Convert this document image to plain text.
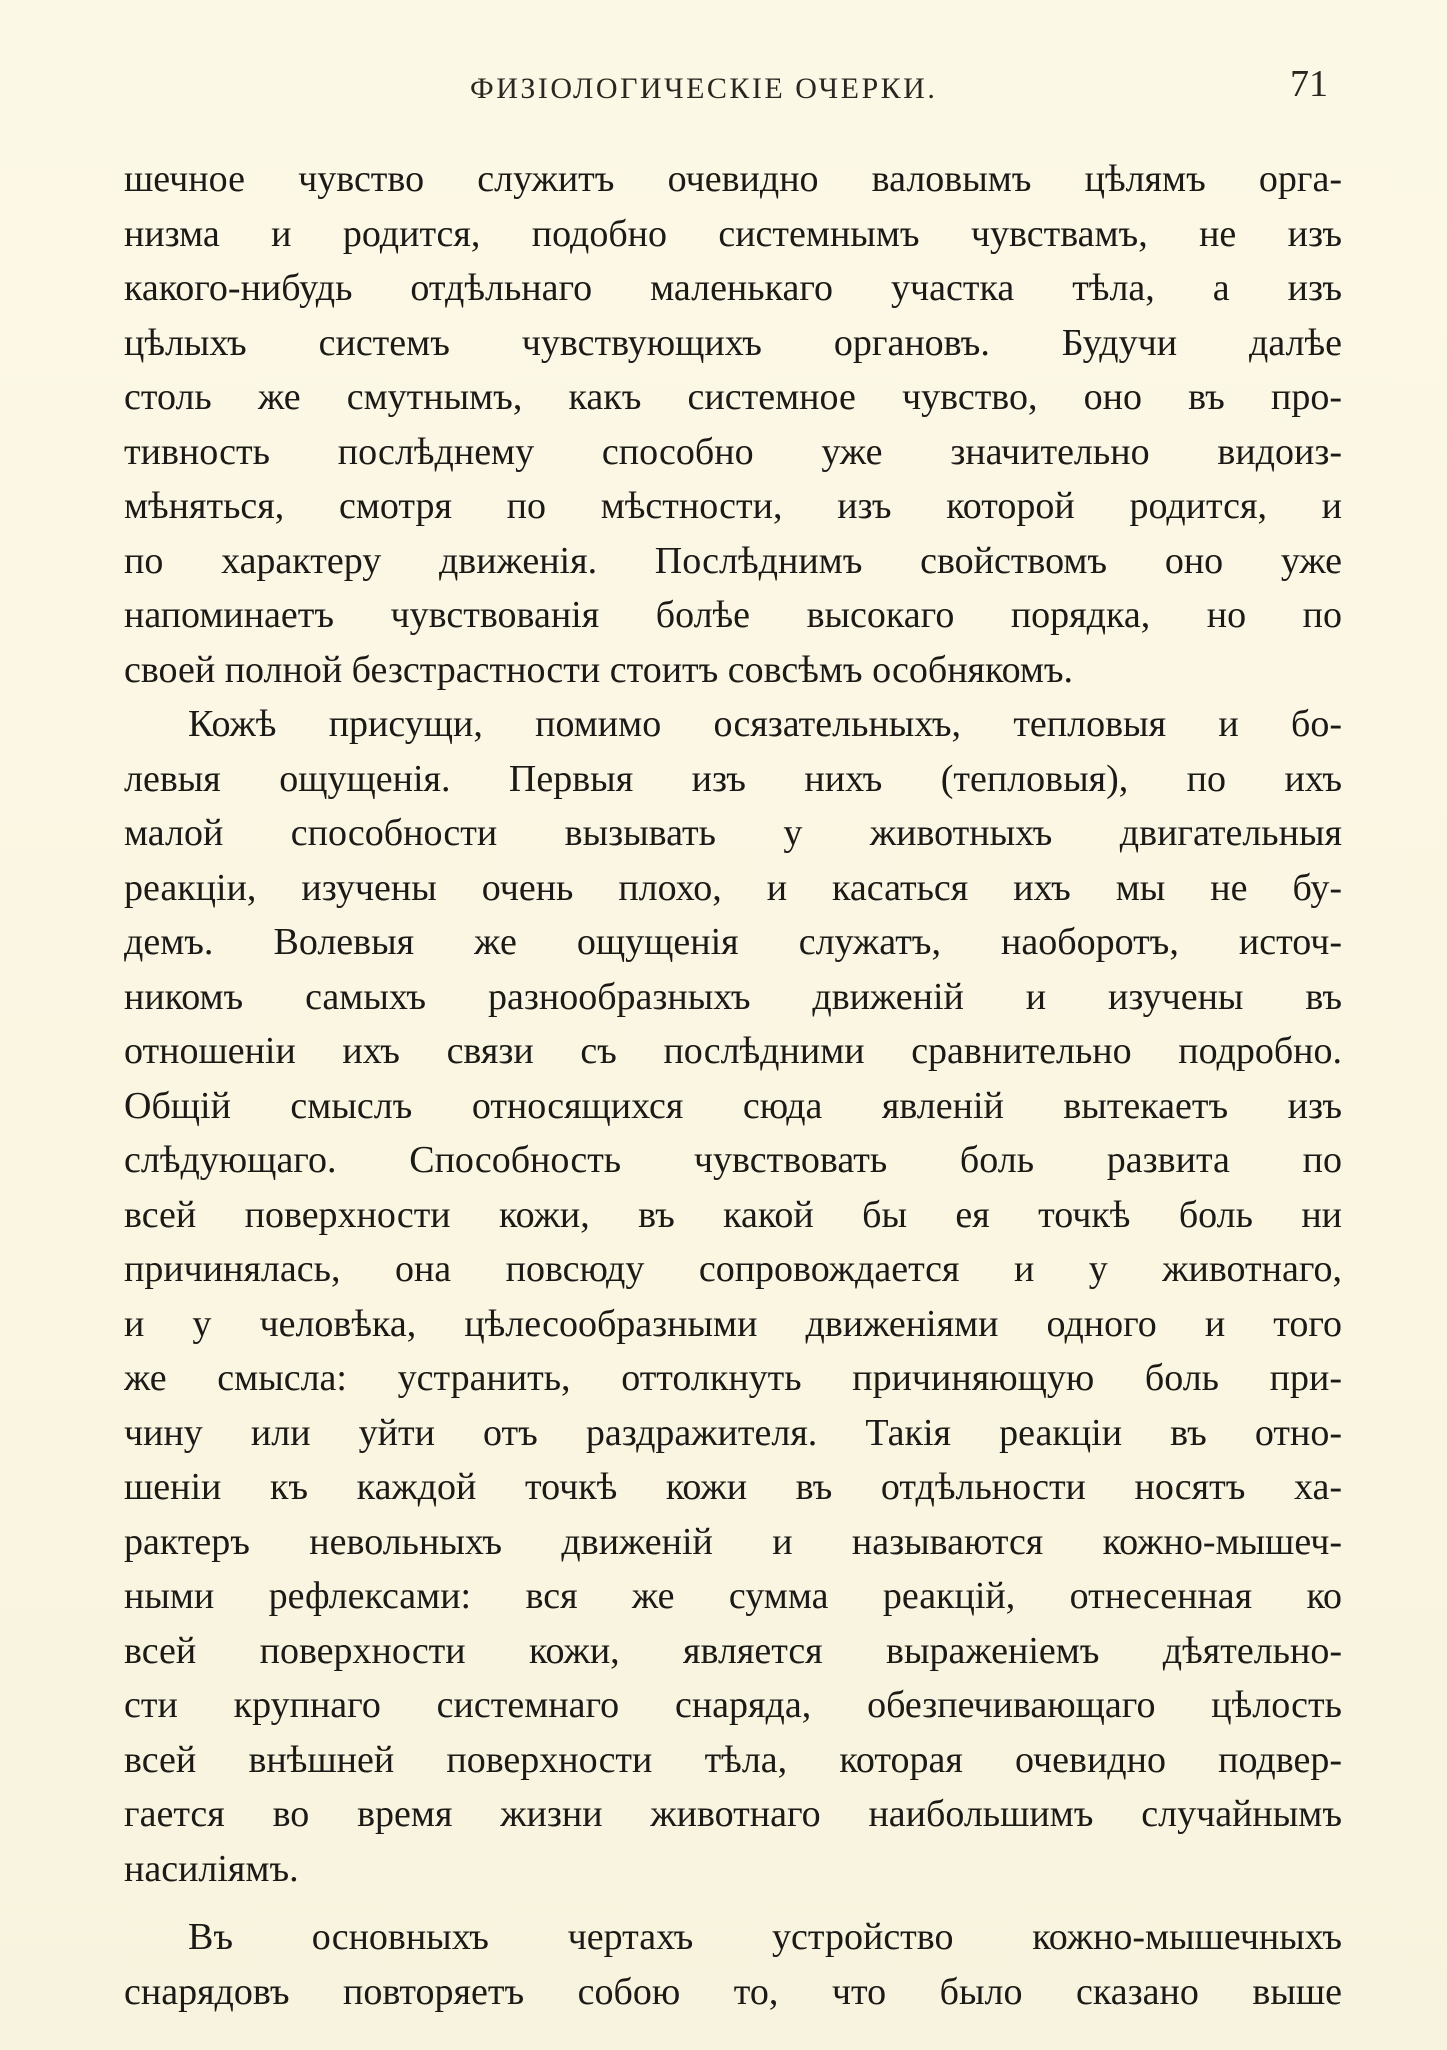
ФИЗІОЛОГИЧЕСКІЕ ОЧЕРКИ.	71
шечное чувство служитъ очевидно валовымъ цѣлямъ орга-
низма и родится, подобно системнымъ чувствамъ, не изъ
какого-нибудь отдѣльнаго маленькаго участка тѣла, а изъ
цѣлыхъ системъ чувствующихъ органовъ. Будучи далѣе
столь же смутнымъ, какъ системное чувство, оно въ про-
тивность послѣднему способно уже значительно видоиз-
мѣняться, смотря по мѣстности, изъ которой родится, и
по характеру движенія. Послѣднимъ свойствомъ оно уже
напоминаетъ чувствованія болѣе высокаго порядка, но по
своей полной безстрастности стоитъ совсѣмъ особнякомъ.
Кожѣ присущи, помимо осязательныхъ, тепловыя и бо-
левыя ощущенія. Первыя изъ нихъ (тепловыя), по ихъ
малой способности вызывать у животныхъ двигательныя
реакціи, изучены очень плохо, и касаться ихъ мы не бу-
демъ. Волевыя же ощущенія служатъ, наоборотъ, источ-
никомъ самыхъ разнообразныхъ движеній и изучены въ
отношеніи ихъ связи съ послѣдними сравнительно подробно.
Общій смыслъ относящихся сюда явленій вытекаетъ изъ
слѣдующаго. Способность чувствовать боль развита по
всей поверхности кожи, въ какой бы ея точкѣ боль ни
причинялась, она повсюду сопровождается и у животнаго,
и у человѣка, цѣлесообразными движеніями одного и того
же смысла: устранить, оттолкнуть причиняющую боль при-
чину или уйти отъ раздражителя. Такія реакціи въ отно-
шеніи къ каждой точкѣ кожи въ отдѣльности носятъ ха-
рактеръ невольныхъ движеній и называются кожно-мышеч-
ными рефлексами: вся же сумма реакцій, отнесенная ко
всей поверхности кожи, является выраженіемъ дѣятельно-
сти крупнаго системнаго снаряда, обезпечивающаго цѣлость
всей внѣшней поверхности тѣла, которая очевидно подвер-
гается во время жизни животнаго наибольшимъ случайнымъ
насиліямъ.
Въ основныхъ чертахъ устройство кожно-мышечныхъ
снарядовъ повторяетъ собою то, что было сказано выше
